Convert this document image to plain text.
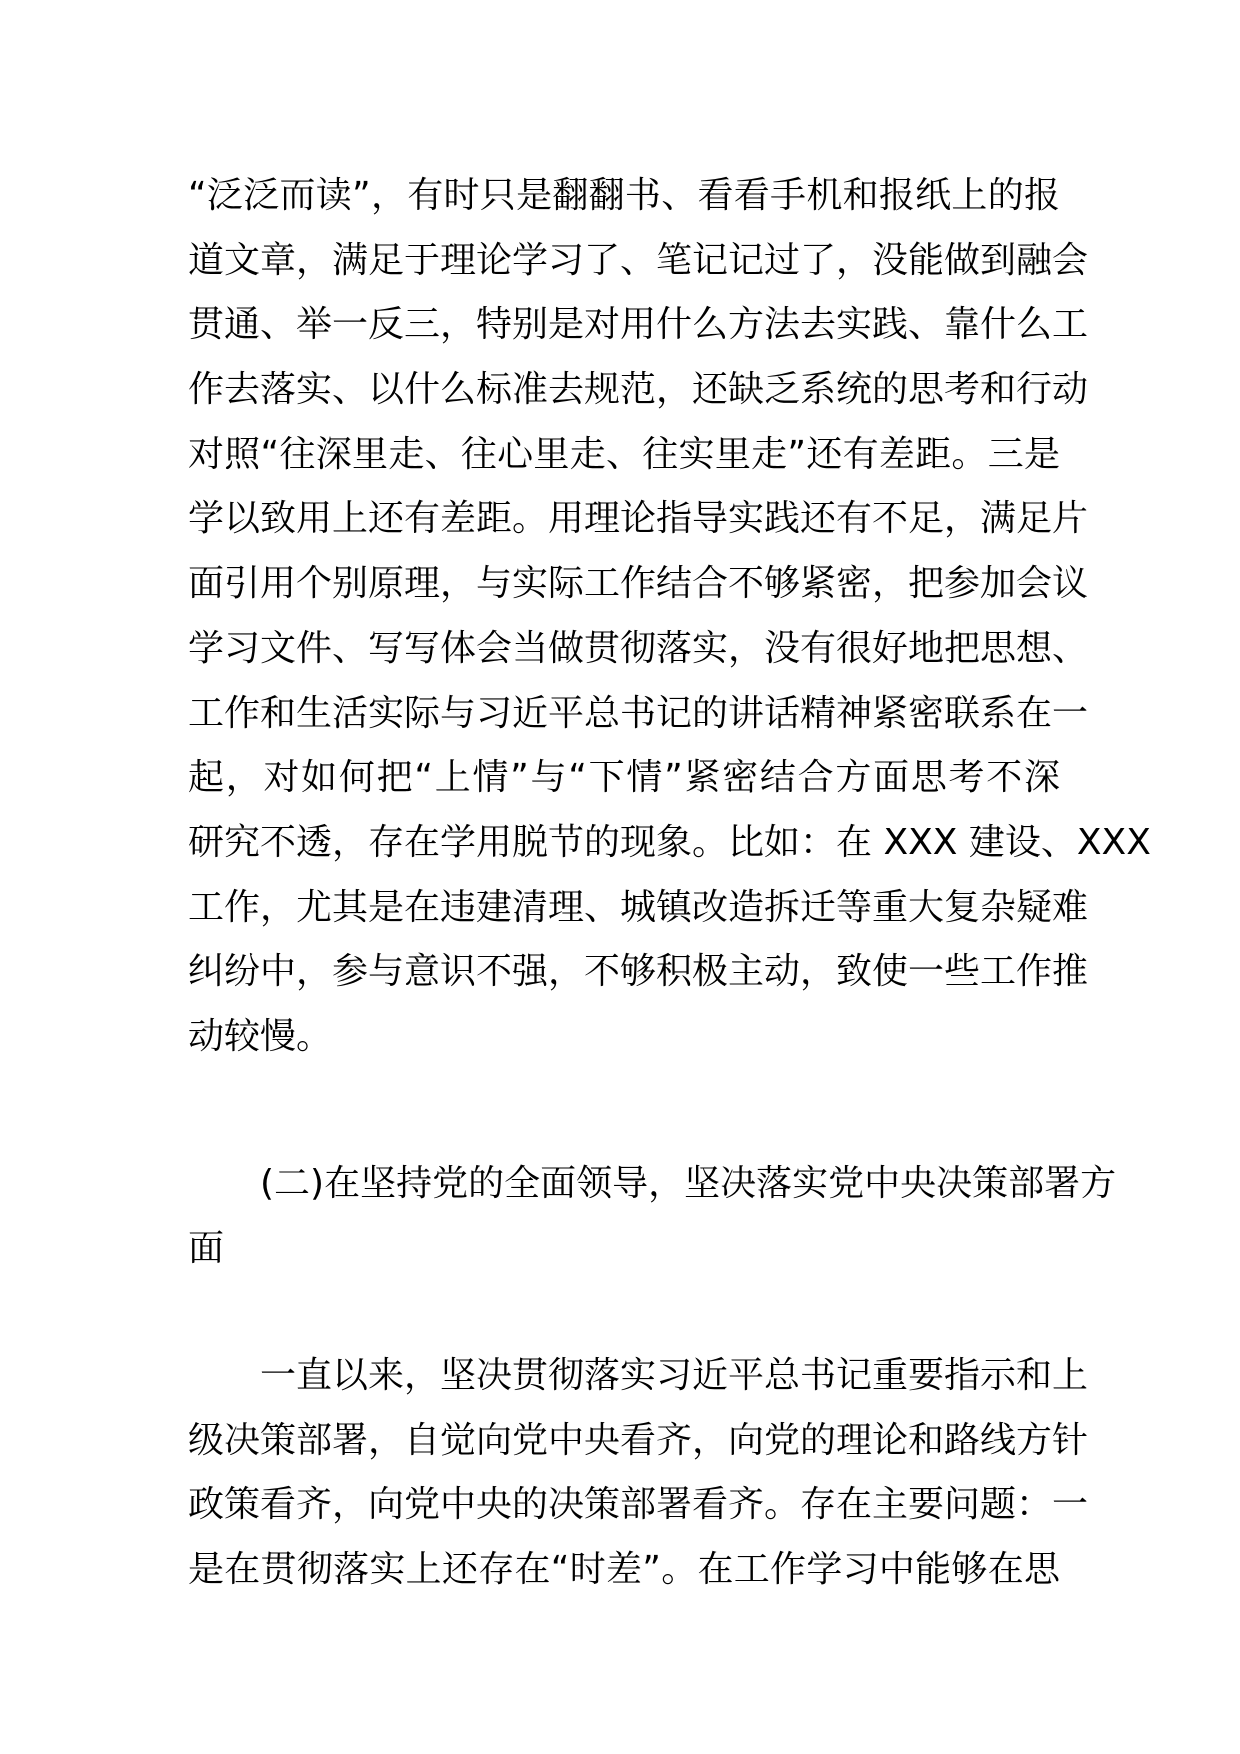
“泛泛而读”，有时只是翻翻书、看看手机和报纸上的报
道文章，满足于理论学习了、笔记记过了，没能做到融会
贯通、举一反三，特别是对用什么方法去实践、靠什么工
作去落实、以什么标准去规范，还缺乏系统的思考和行动
对照“往深里走、往心里走、往实里走”还有差距。三是
学以致用上还有差距。用理论指导实践还有不足，满足片
面引用个别原理，与实际工作结合不够紧密，把参加会议
学习文件、写写体会当做贯彻落实，没有很好地把思想、
工作和生活实际与习近平总书记的讲话精神紧密联系在一
起，对如何把“上情”与“下情”紧密结合方面思考不深
研究不透，存在学用脱节的现象。比如：在 XXX 建设、XXX
工作，尤其是在违建清理、城镇改造拆迁等重大复杂疑难
纠纷中，参与意识不强，不够积极主动，致使一些工作推
动较慢。
(二)在坚持党的全面领导，坚决落实党中央决策部署方
面
一直以来，坚决贯彻落实习近平总书记重要指示和上
级决策部署，自觉向党中央看齐，向党的理论和路线方针
政策看齐，向党中央的决策部署看齐。存在主要问题：一
是在贯彻落实上还存在“时差”。在工作学习中能够在思
